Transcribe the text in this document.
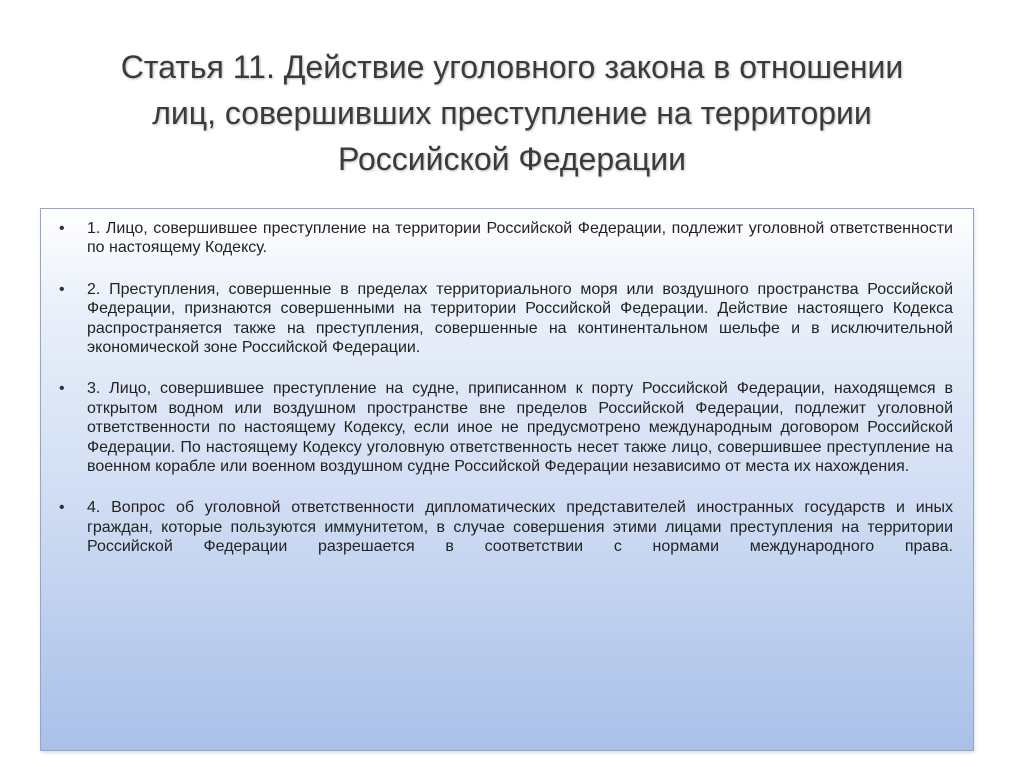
Статья 11. Действие уголовного закона в отношении
лиц, совершивших преступление на территории
Российской Федерации
• 1. Лицо, совершившее преступление на территории Российской Федерации, подлежит уголовной ответственности по настоящему Кодексу.
• 2. Преступления, совершенные в пределах территориального моря или воздушного пространства Российской Федерации, признаются совершенными на территории Российской Федерации. Действие настоящего Кодекса распространяется также на преступления, совершенные на континентальном шельфе и в исключительной экономической зоне Российской Федерации.
• 3. Лицо, совершившее преступление на судне, приписанном к порту Российской Федерации, находящемся в открытом водном или воздушном пространстве вне пределов Российской Федерации, подлежит уголовной ответственности по настоящему Кодексу, если иное не предусмотрено международным договором Российской Федерации. По настоящему Кодексу уголовную ответственность несет также лицо, совершившее преступление на военном корабле или военном воздушном судне Российской Федерации независимо от места их нахождения.
• 4. Вопрос об уголовной ответственности дипломатических представителей иностранных государств и иных граждан, которые пользуются иммунитетом, в случае совершения этими лицами преступления на территории Российской Федерации разрешается в соответствии с нормами международного права.
